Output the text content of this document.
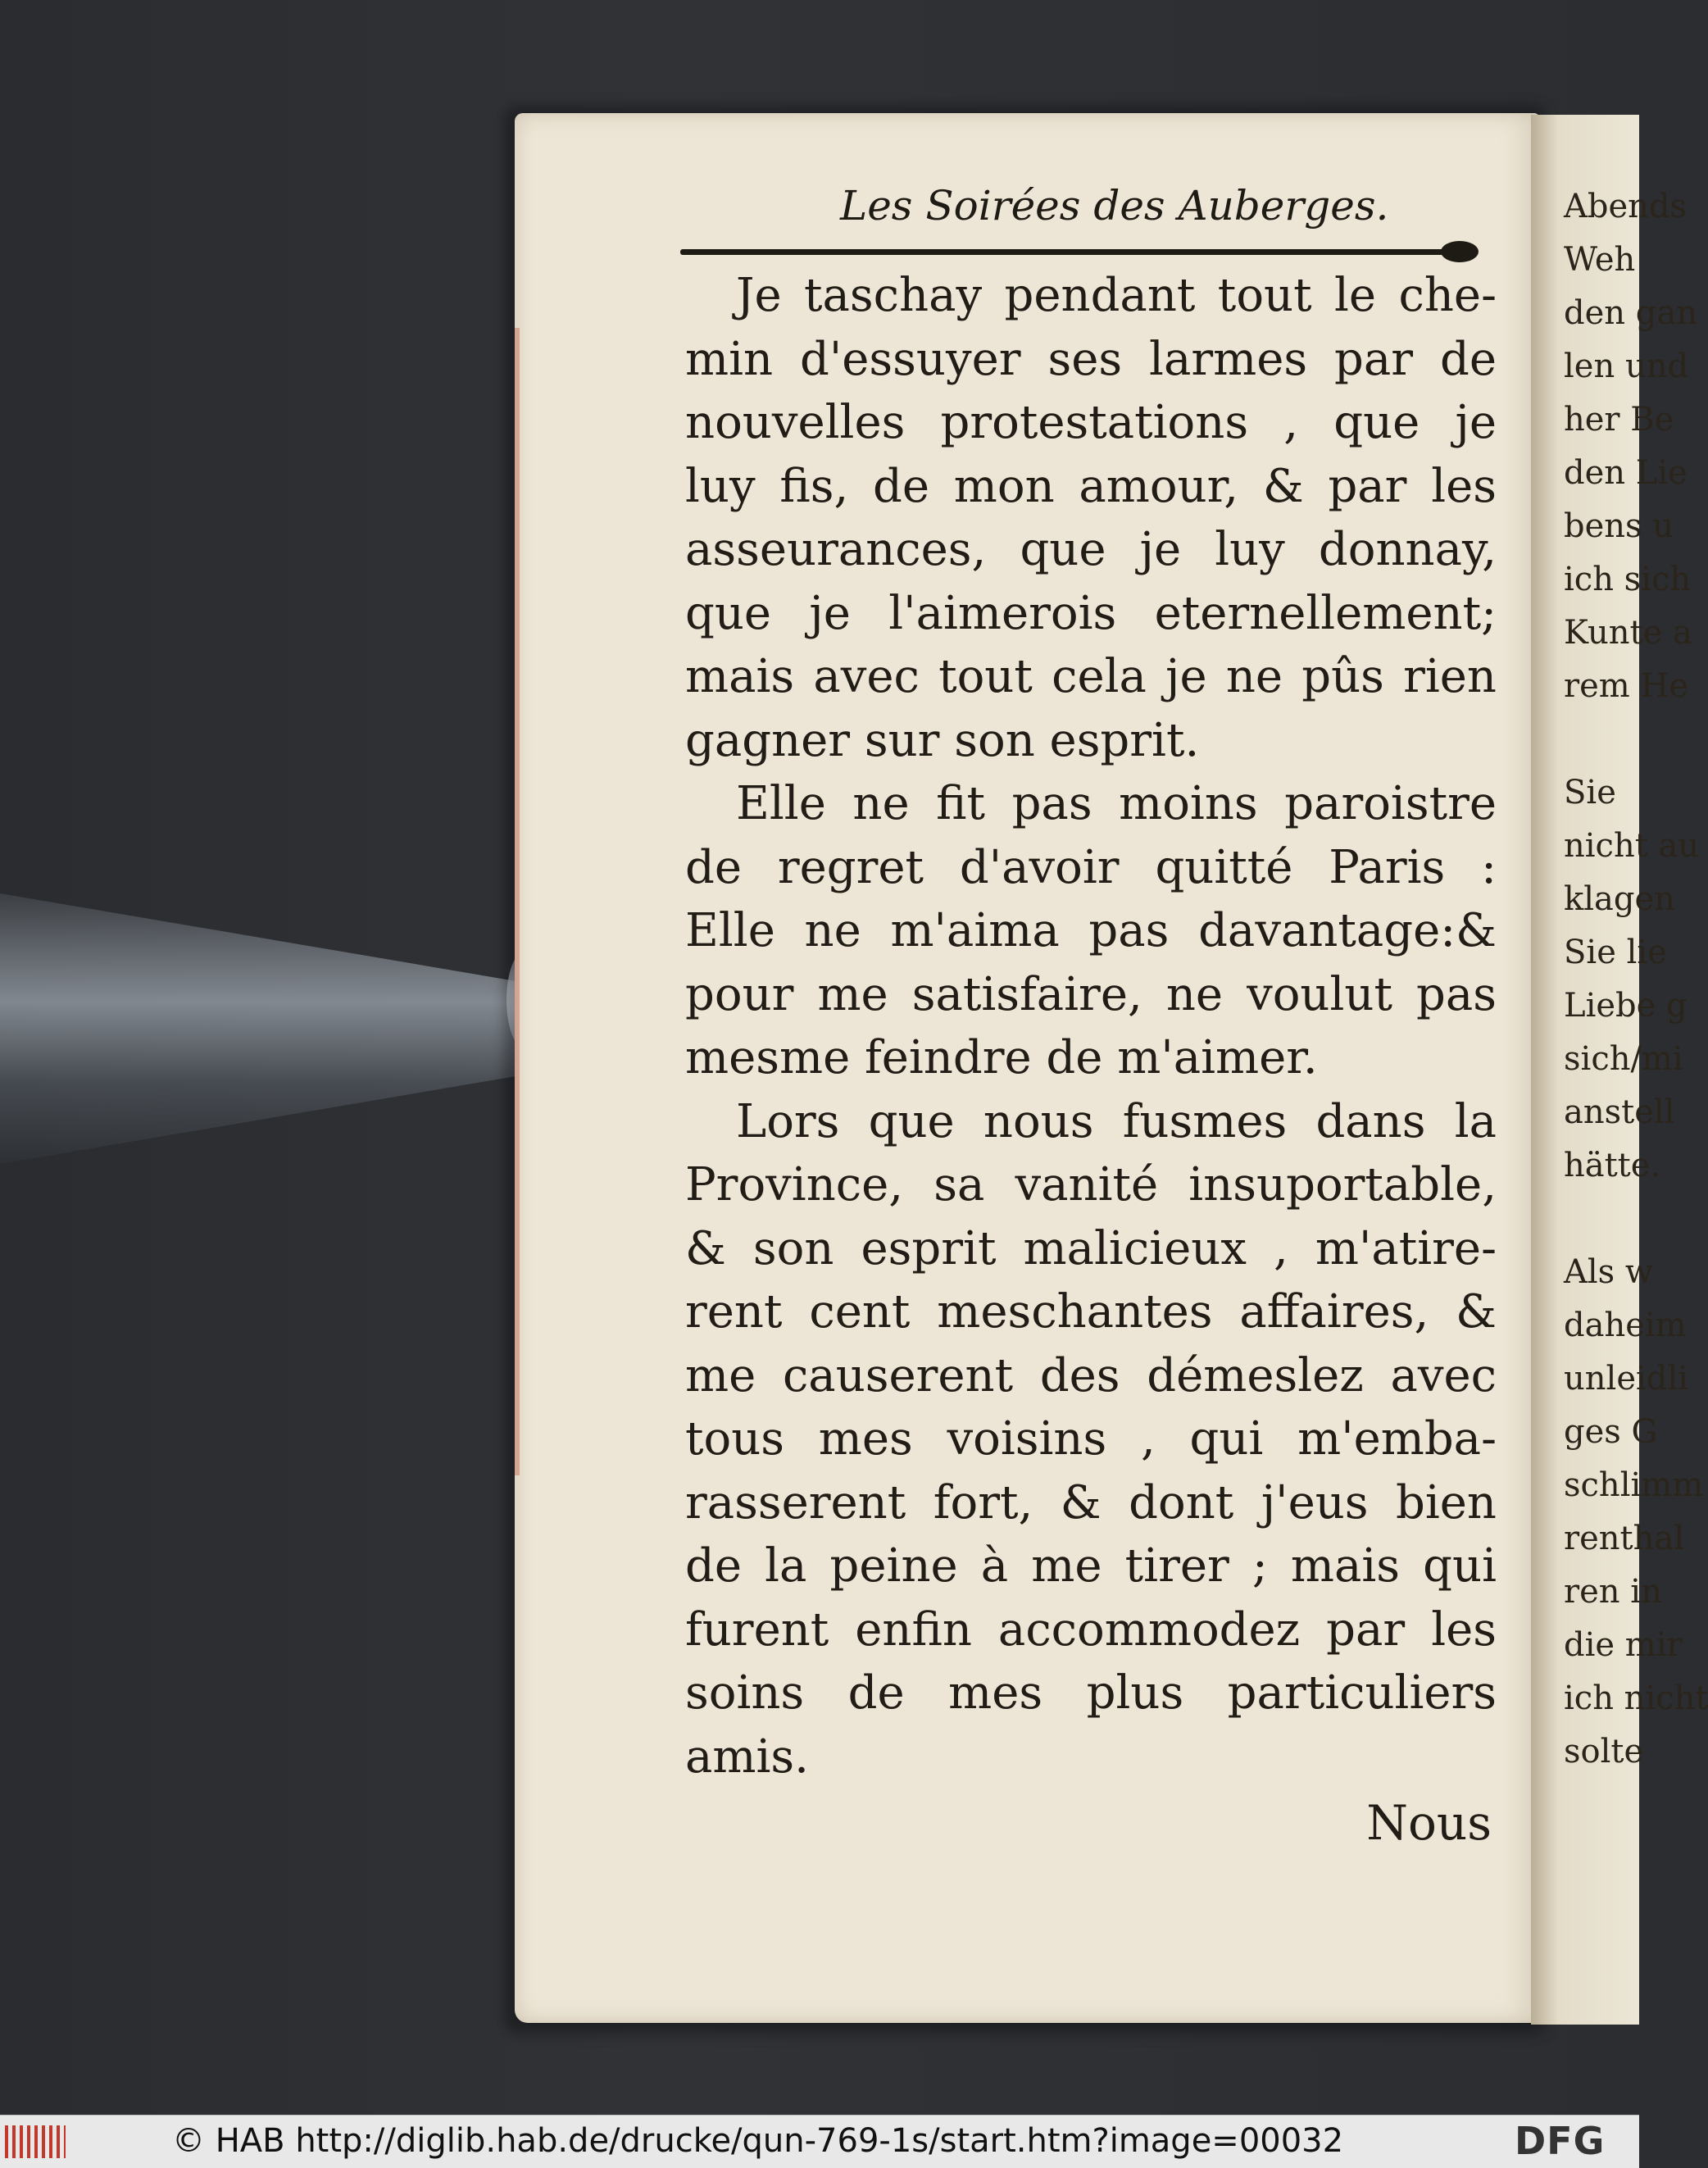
Les Soirées des Auberges.
Je taschay pendant tout le che-
min d'essuyer ses larmes par de
nouvelles protestations , que je
luy fis, de mon amour, & par les
asseurances, que je luy donnay,
que je l'aimerois eternellement;
mais avec tout cela je ne pûs rien
gagner sur son esprit.
Elle ne fit pas moins paroistre
de regret d'avoir quitté Paris :
Elle ne m'aima pas davantage:&
pour me satisfaire, ne voulut pas
mesme feindre de m'aimer.
Lors que nous fusmes dans la
Province, sa vanité insuportable,
& son esprit malicieux , m'atire-
rent cent meschantes affaires, &
me causerent des démeslez avec
tous mes voisins , qui m'emba-
rasserent fort, & dont j'eus bien
de la peine à me tirer ; mais qui
furent enfin accommodez par les
soins de mes plus particuliers
amis.
Nous
Abends
Weh
den gan
len und
her Be
den Lie
bens u
ich sich
Kunte a
rem He

Sie
nicht au
klagen
Sie lie
Liebe g
sich/mi
anstell
hätte.

Als w
daheim
unleidli
ges G
schlimm
renthal
ren in
die mir
ich nicht
solte
© HAB http://diglib.hab.de/drucke/qun-769-1s/start.htm?image=00032	DFG
